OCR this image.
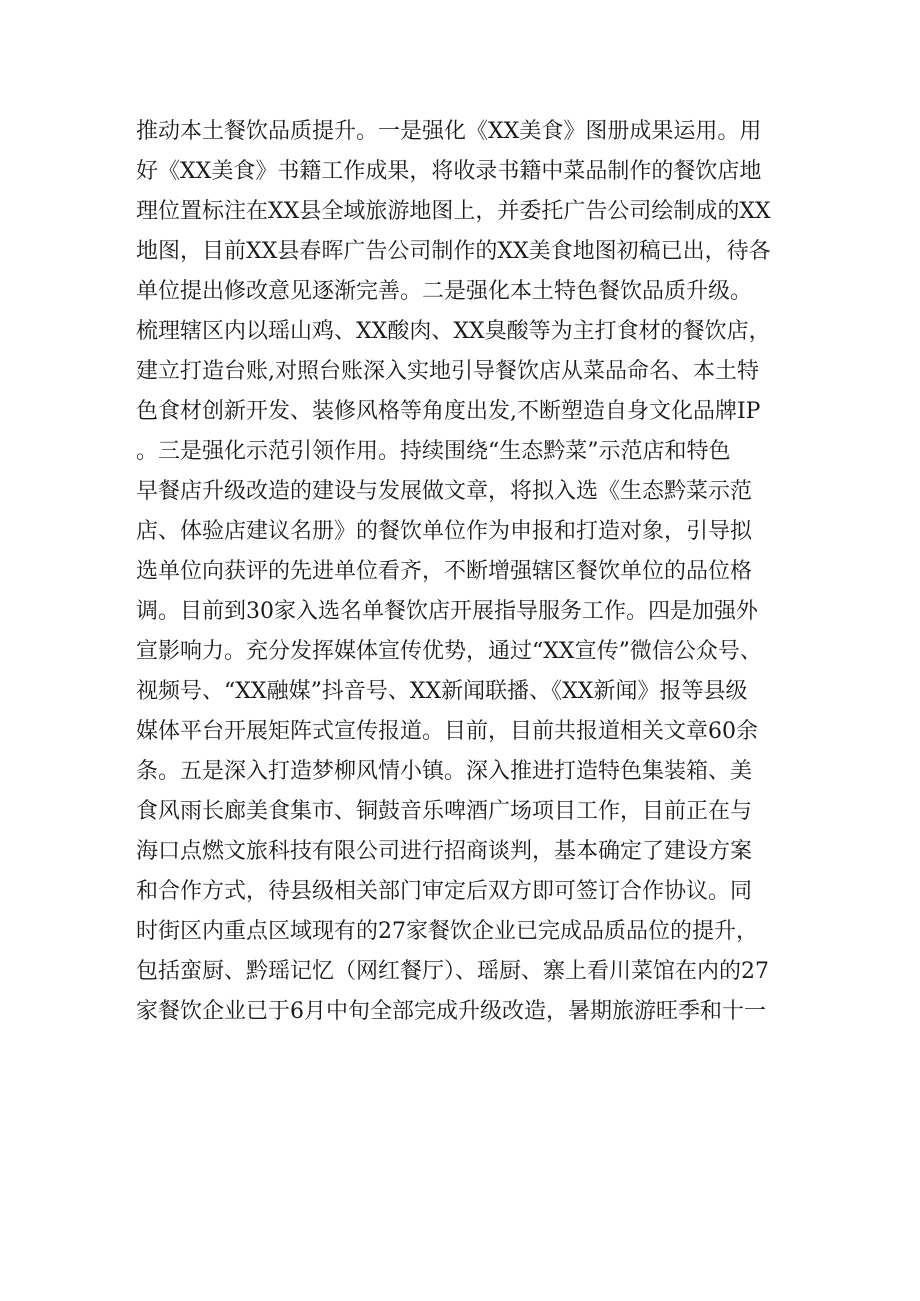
推动本土餐饮品质提升。一是强化《XX美食》图册成果运用。用
好《XX美食》书籍工作成果，将收录书籍中菜品制作的餐饮店地
理位置标注在XX县全域旅游地图上，并委托广告公司绘制成的XX
地图，目前XX县春晖广告公司制作的XX美食地图初稿已出，待各
单位提出修改意见逐渐完善。二是强化本土特色餐饮品质升级。
梳理辖区内以瑶山鸡、XX酸肉、XX臭酸等为主打食材的餐饮店，
建立打造台账,对照台账深入实地引导餐饮店从菜品命名、本土特
色食材创新开发、装修风格等角度出发,不断塑造自身文化品牌IP
。三是强化示范引领作用。持续围绕“生态黔菜”示范店和特色
早餐店升级改造的建设与发展做文章，将拟入选《生态黔菜示范
店、体验店建议名册》的餐饮单位作为申报和打造对象，引导拟
选单位向获评的先进单位看齐，不断增强辖区餐饮单位的品位格
调。目前到30家入选名单餐饮店开展指导服务工作。四是加强外
宣影响力。充分发挥媒体宣传优势，通过“XX宣传”微信公众号、
视频号、“XX融媒”抖音号、XX新闻联播、《XX新闻》报等县级
媒体平台开展矩阵式宣传报道。目前，目前共报道相关文章60余
条。五是深入打造梦柳风情小镇。深入推进打造特色集装箱、美
食风雨长廊美食集市、铜鼓音乐啤酒广场项目工作，目前正在与
海口点燃文旅科技有限公司进行招商谈判，基本确定了建设方案
和合作方式，待县级相关部门审定后双方即可签订合作协议。同
时街区内重点区域现有的27家餐饮企业已完成品质品位的提升，
包括蛮厨、黔瑶记忆（网红餐厅）、瑶厨、寨上看川菜馆在内的27
家餐饮企业已于6月中旬全部完成升级改造，暑期旅游旺季和十一
